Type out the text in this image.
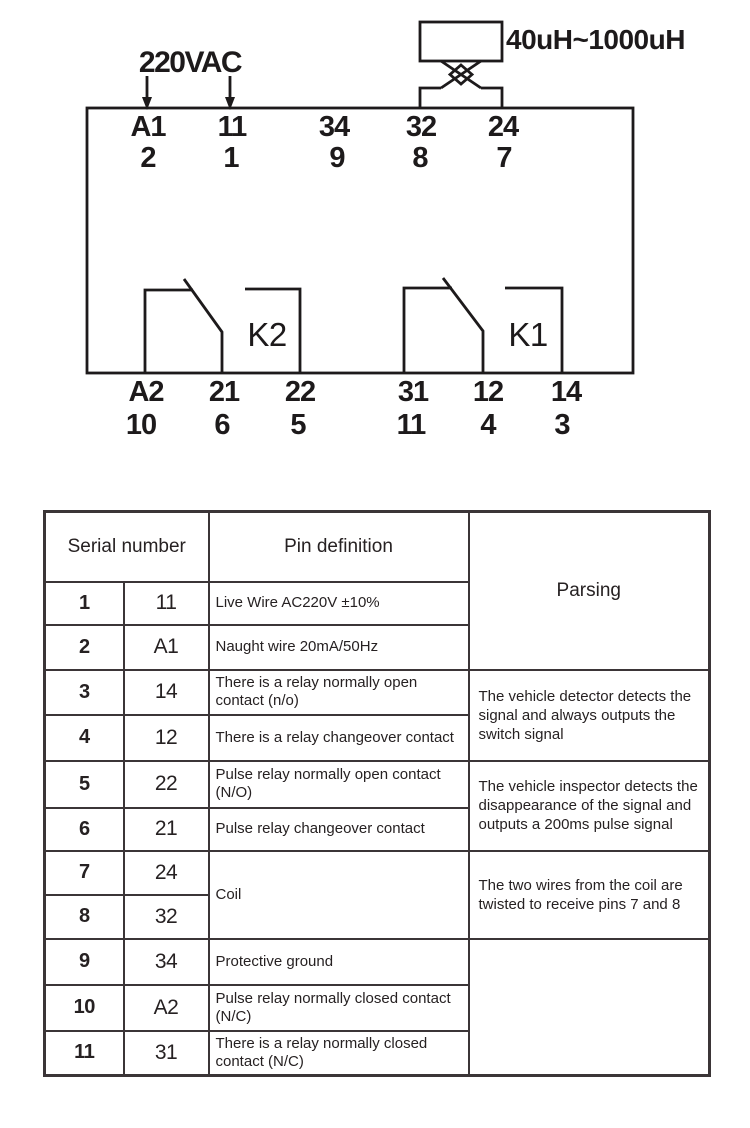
220VAC
40uH~1000uH
A1	11	34	32	24
2	1	9	8	7
K2	K1
A2	21	22	31	12	14
10	6	5	11	4	3
Serial number		Pin definition	Parsing
1	11	Live Wire AC220V ±10%	
2	A1	Naught wire 20mA/50Hz	
3	14	There is a relay normally open contact (n/o)	The vehicle detector detects the signal and always outputs the switch signal
4	12	There is a relay changeover contact	
5	22	Pulse relay normally open contact (N/O)	The vehicle inspector detects the disappearance of the signal and outputs a 200ms pulse signal
6	21	Pulse relay changeover contact	
7	24	Coil	The two wires from the coil are twisted to receive pins 7 and 8
8	32		
9	34	Protective ground	
10	A2	Pulse relay normally closed contact (N/C)	
11	31	There is a relay normally closed contact (N/C)	
